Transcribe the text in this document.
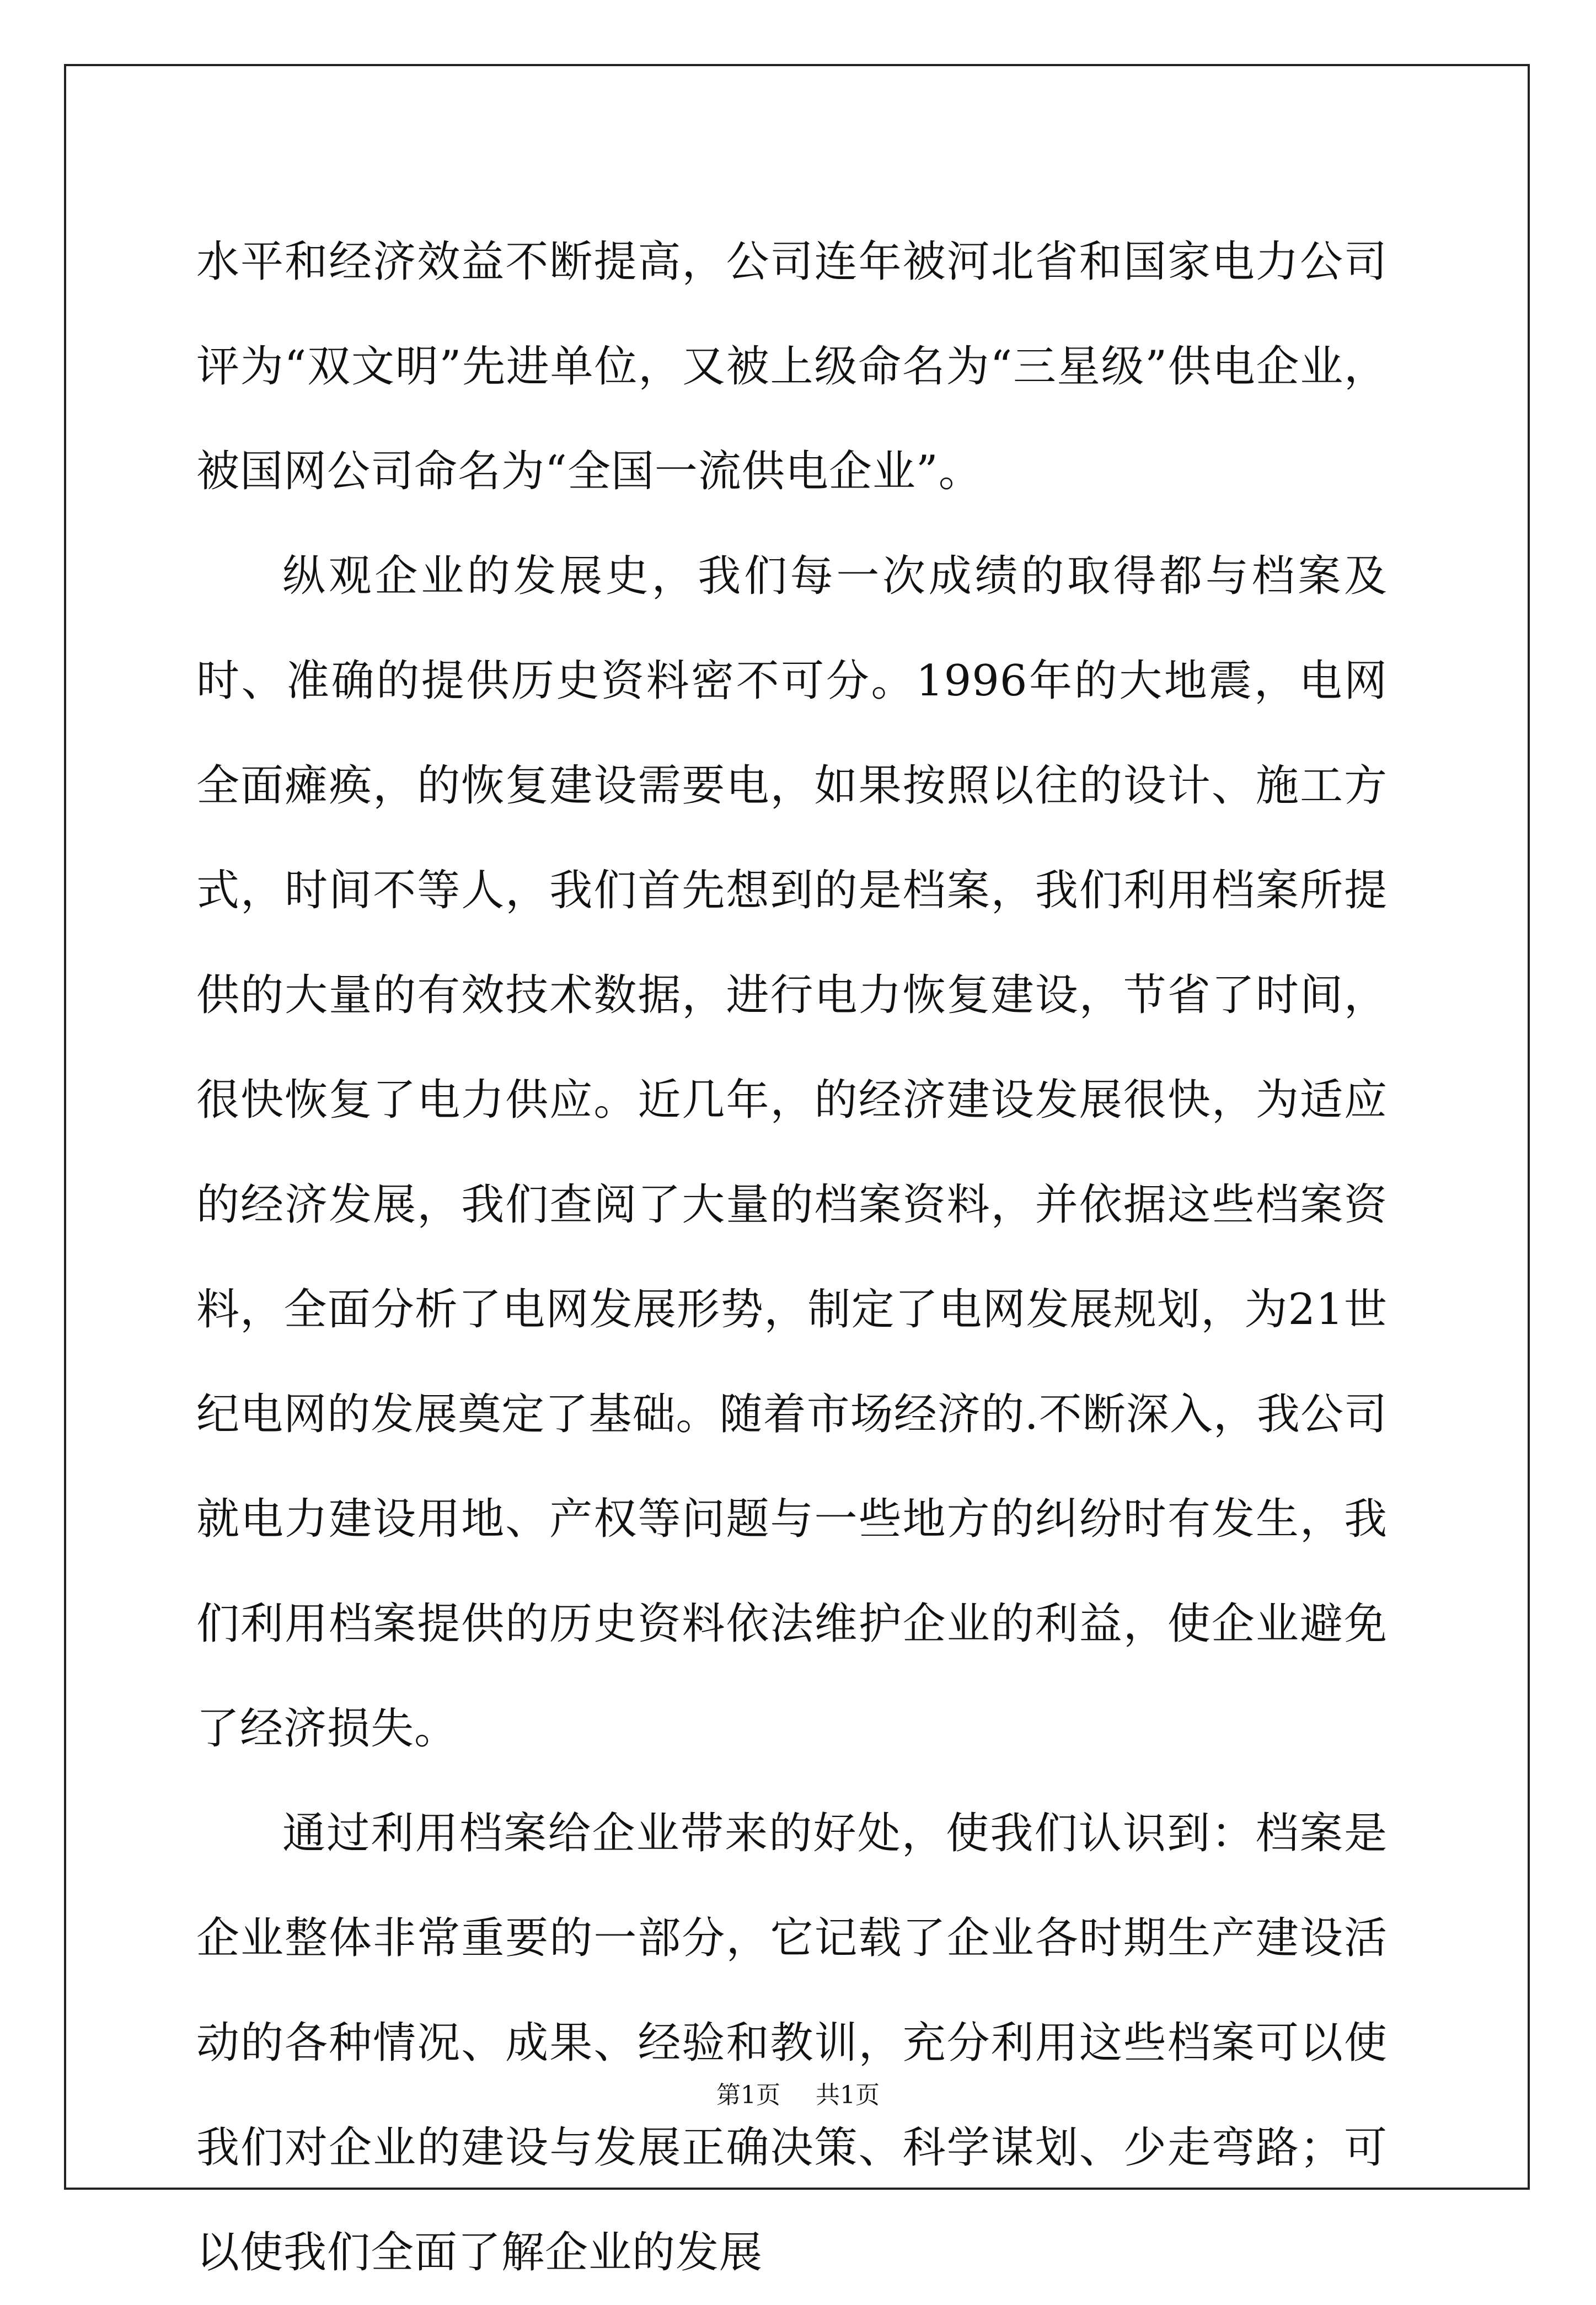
水平和经济效益不断提高，公司连年被河北省和国家电力公司评为“双文明”先进单位，又被上级命名为“三星级”供电企业，被国网公司命名为“全国一流供电企业”。

纵观企业的发展史，我们每一次成绩的取得都与档案及时、准确的提供历史资料密不可分。1996年的大地震，电网全面瘫痪，的恢复建设需要电，如果按照以往的设计、施工方式，时间不等人，我们首先想到的是档案，我们利用档案所提供的大量的有效技术数据，进行电力恢复建设，节省了时间，很快恢复了电力供应。近几年，的经济建设发展很快，为适应的经济发展，我们查阅了大量的档案资料，并依据这些档案资料，全面分析了电网发展形势，制定了电网发展规划，为21世纪电网的发展奠定了基础。随着市场经济的.不断深入，我公司就电力建设用地、产权等问题与一些地方的纠纷时有发生，我们利用档案提供的历史资料依法维护企业的利益，使企业避免了经济损失。

通过利用档案给企业带来的好处，使我们认识到：档案是企业整体非常重要的一部分，它记载了企业各时期生产建设活动的各种情况、成果、经验和教训，充分利用这些档案可以使我们对企业的建设与发展正确决策、科学谋划、少走弯路；可以使我们全面了解企业的发展

第1页 共1页
